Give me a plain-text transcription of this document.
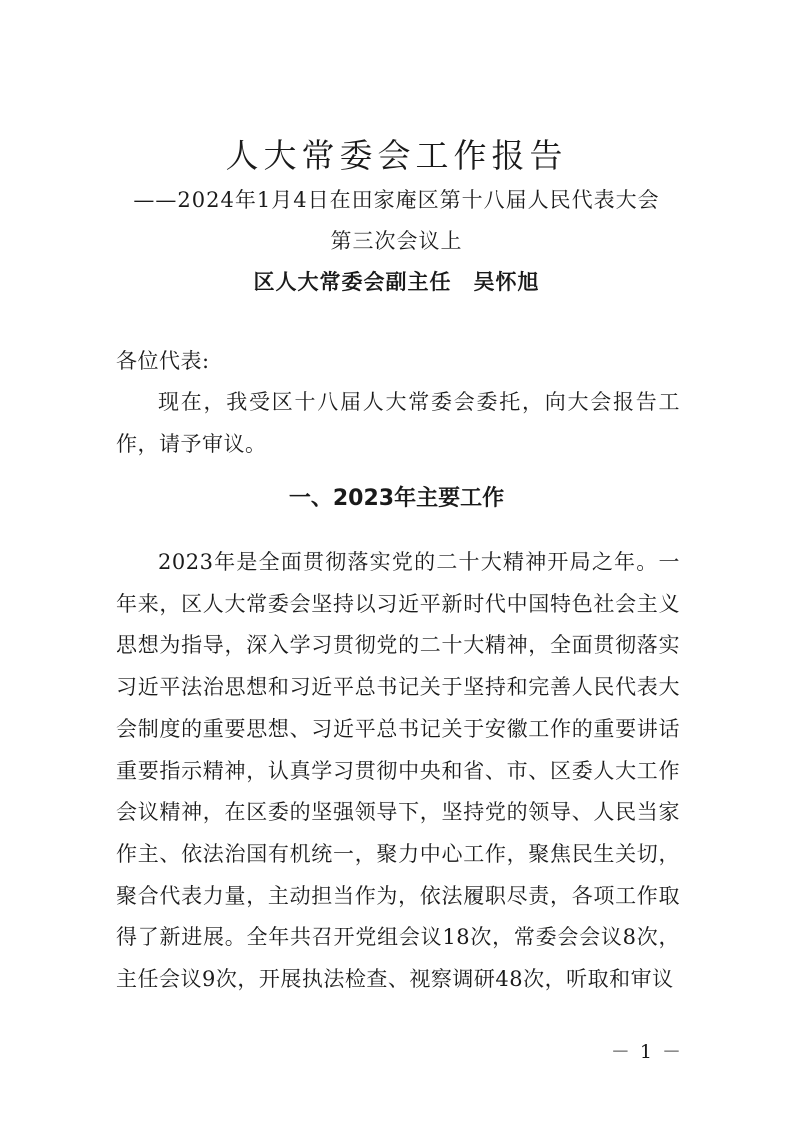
人大常委会工作报告
——2024年1月4日在田家庵区第十八届人民代表大会
第三次会议上
区人大常委会副主任　吴怀旭
各位代表:
现在，我受区十八届人大常委会委托，向大会报告工作，请予审议。
一、2023年主要工作
2023年是全面贯彻落实党的二十大精神开局之年。一年来，区人大常委会坚持以习近平新时代中国特色社会主义思想为指导，深入学习贯彻党的二十大精神，全面贯彻落实习近平法治思想和习近平总书记关于坚持和完善人民代表大会制度的重要思想、习近平总书记关于安徽工作的重要讲话重要指示精神，认真学习贯彻中央和省、市、区委人大工作会议精神，在区委的坚强领导下，坚持党的领导、人民当家作主、依法治国有机统一，聚力中心工作，聚焦民生关切，聚合代表力量，主动担当作为，依法履职尽责，各项工作取得了新进展。全年共召开党组会议18次，常委会会议8次，主任会议9次，开展执法检查、视察调研48次，听取和审议
－ 1 －
